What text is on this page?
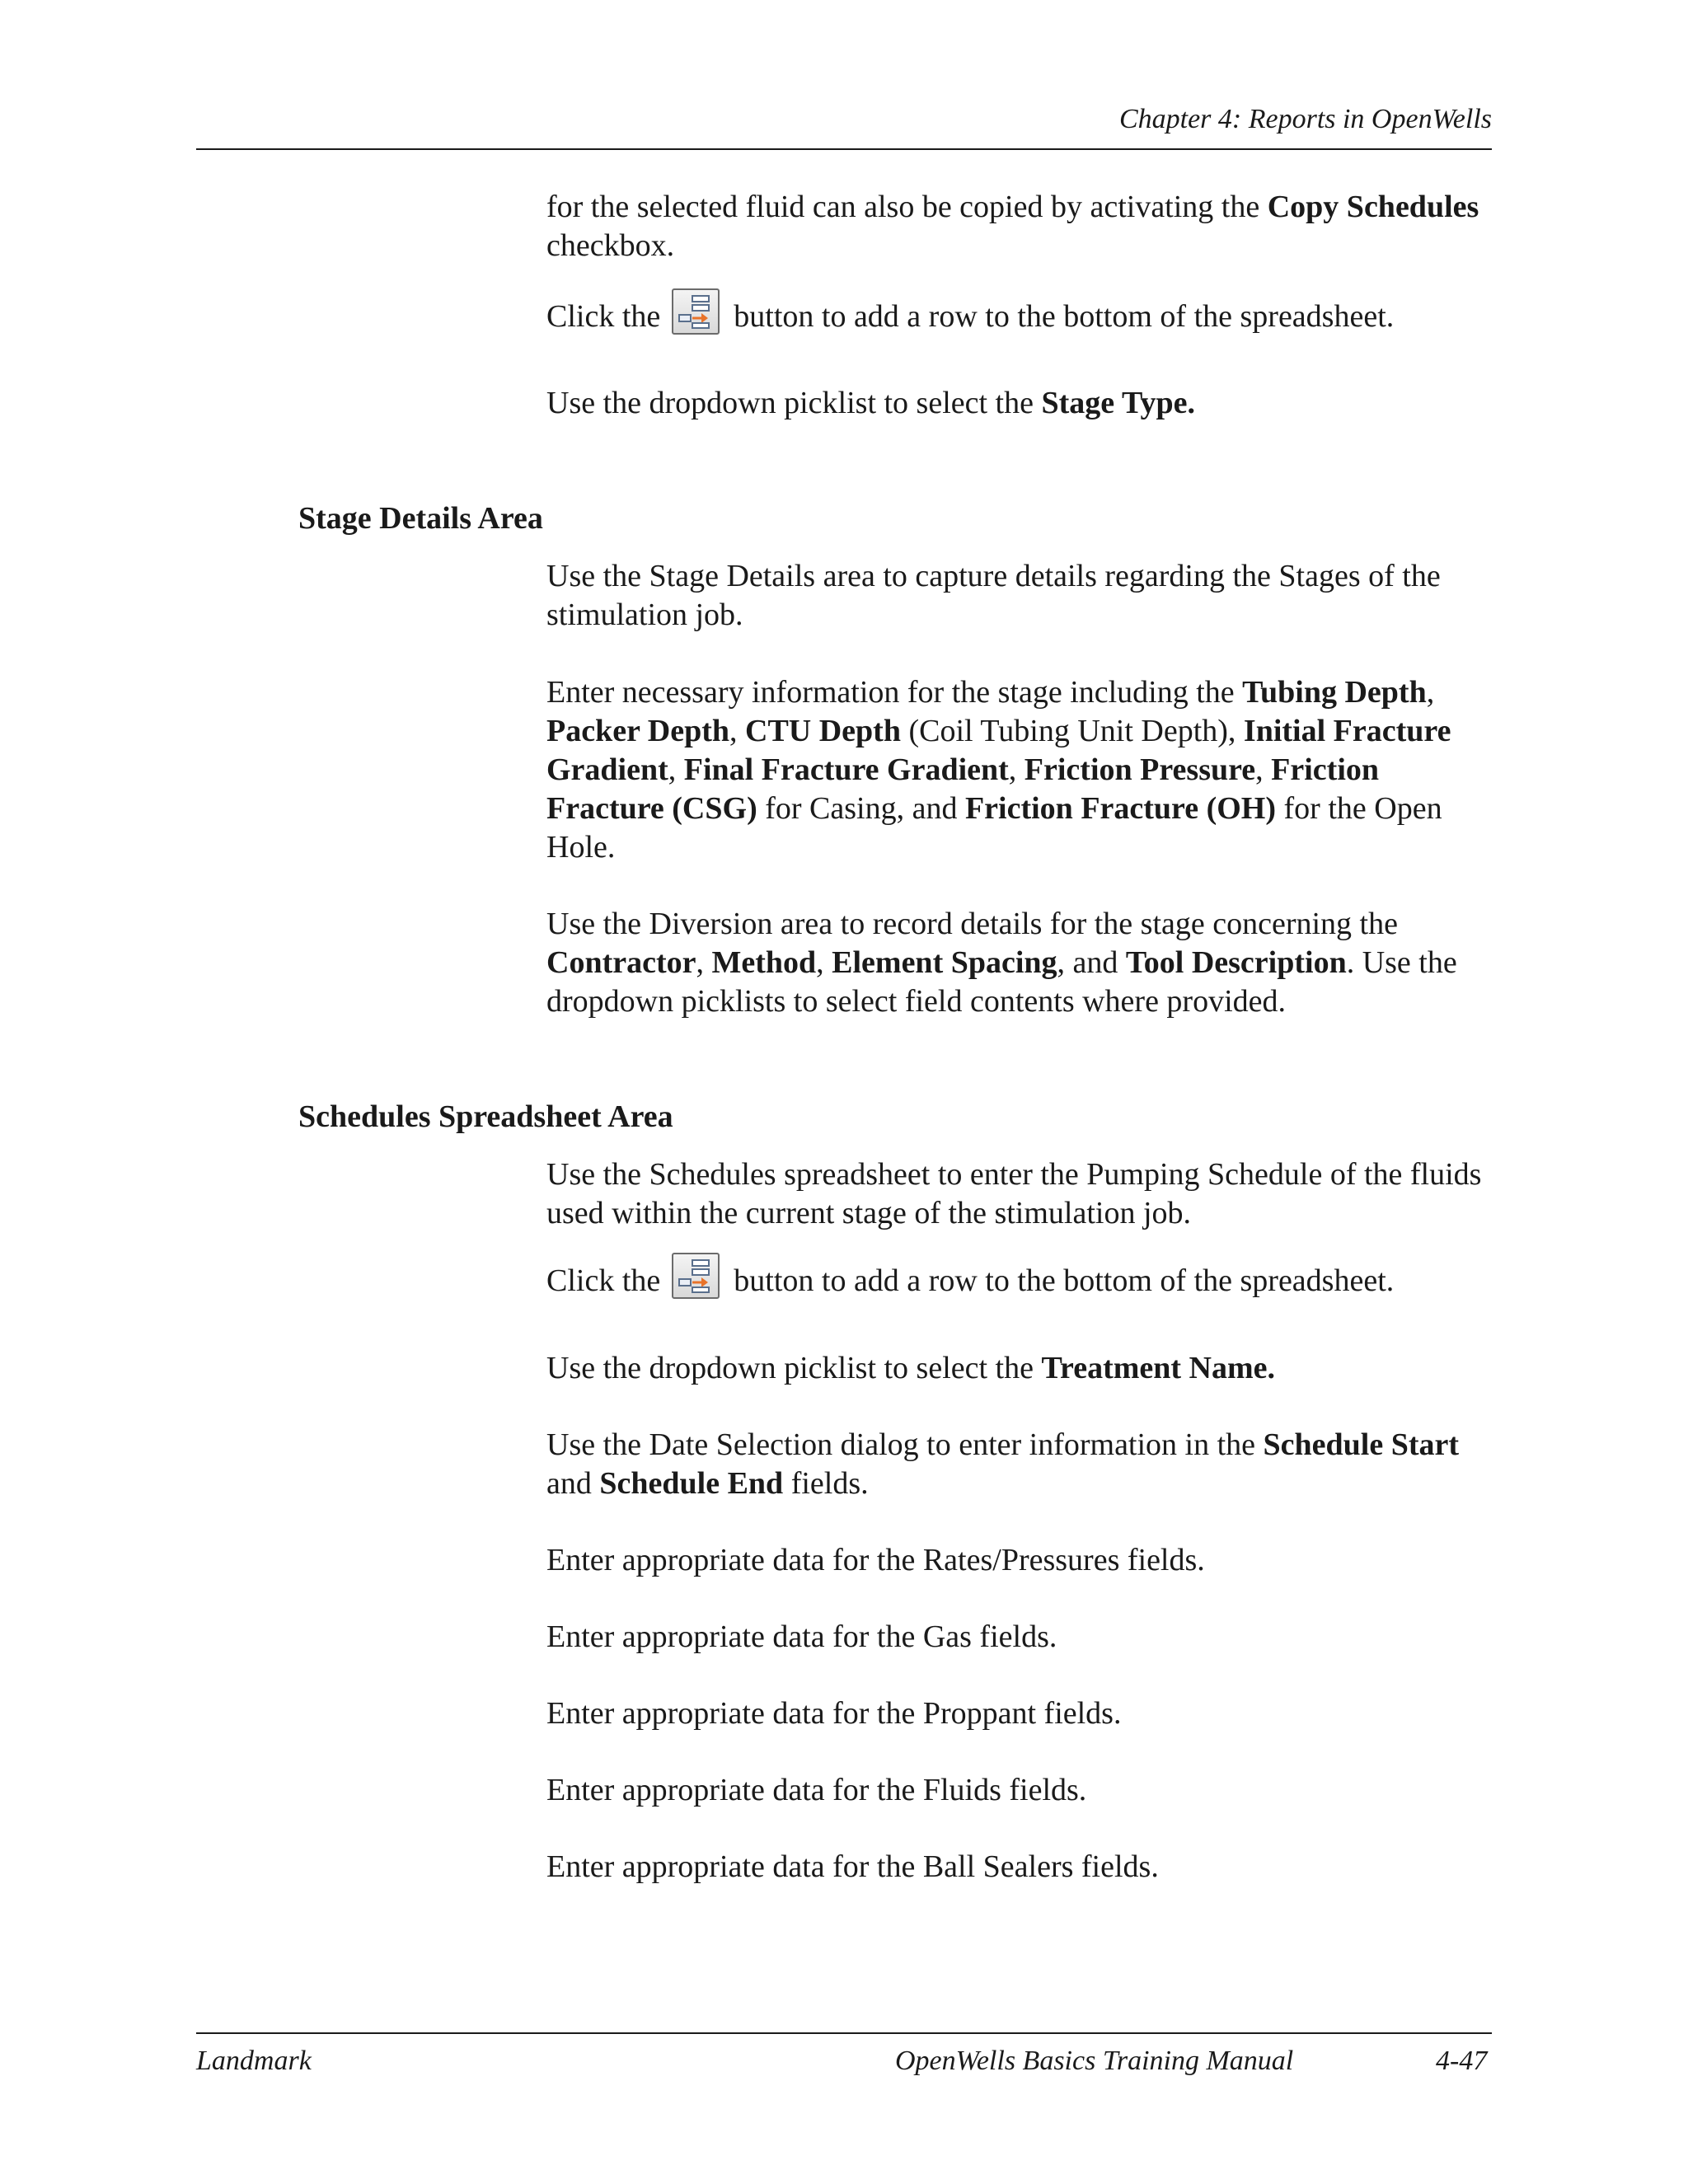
Chapter 4: Reports in OpenWells

for the selected fluid can also be copied by activating the Copy Schedules checkbox.

Click the
button to add a row to the bottom of the spreadsheet.

Use the dropdown picklist to select the Stage Type.

Stage Details Area

Use the Stage Details area to capture details regarding the Stages of the stimulation job.

Enter necessary information for the stage including the Tubing Depth, Packer Depth, CTU Depth (Coil Tubing Unit Depth), Initial Fracture Gradient, Final Fracture Gradient, Friction Pressure, Friction Fracture (CSG) for Casing, and Friction Fracture (OH) for the Open Hole.

Use the Diversion area to record details for the stage concerning the Contractor, Method, Element Spacing, and Tool Description. Use the dropdown picklists to select field contents where provided.

Schedules Spreadsheet Area

Use the Schedules spreadsheet to enter the Pumping Schedule of the fluids used within the current stage of the stimulation job.

Click the
button to add a row to the bottom of the spreadsheet.

Use the dropdown picklist to select the Treatment Name.

Use the Date Selection dialog to enter information in the Schedule Start and Schedule End fields.

Enter appropriate data for the Rates/Pressures fields.

Enter appropriate data for the Gas fields.

Enter appropriate data for the Proppant fields.

Enter appropriate data for the Fluids fields.

Enter appropriate data for the Ball Sealers fields.

Landmark	OpenWells Basics Training Manual	4-47
